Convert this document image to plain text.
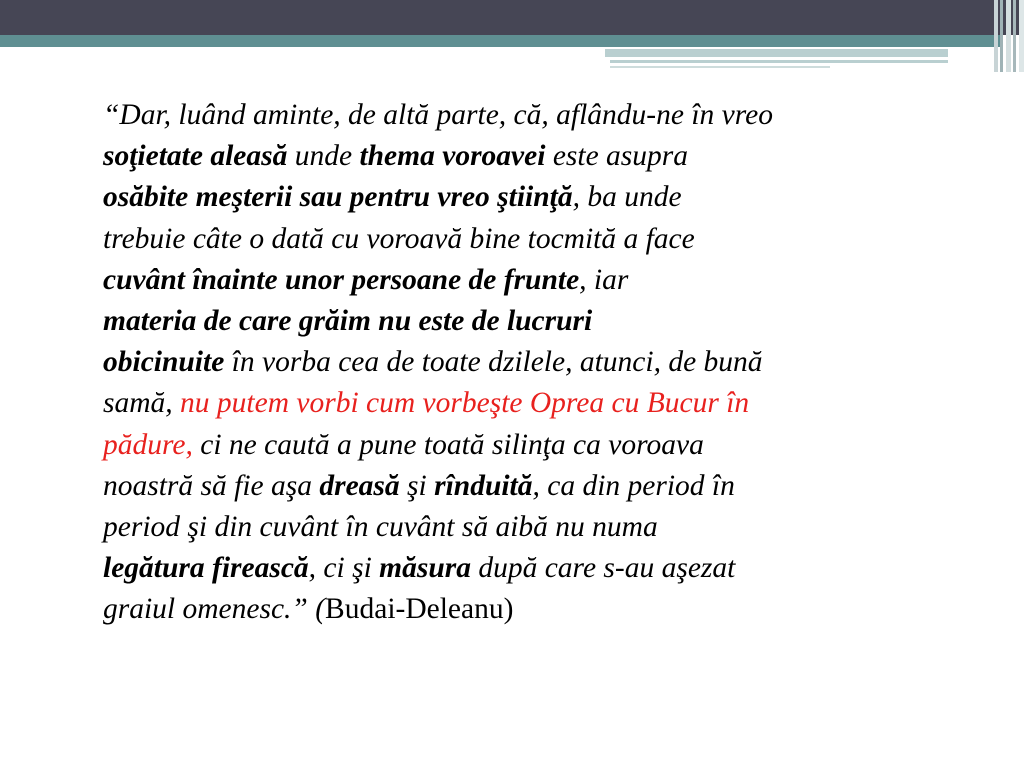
“Dar, luând aminte, de altă parte, că, aflându-ne în vreo
soţietate aleasă unde thema voroavei este asupra
osăbite meşterii sau pentru vreo ştiinţă, ba unde
trebuie câte o dată cu voroavă bine tocmită a face
cuvânt înainte unor persoane de frunte, iar
materia de care grăim nu este de lucruri
obicinuite în vorba cea de toate dzilele, atunci, de bună
samă, nu putem vorbi cum vorbeşte Oprea cu Bucur în
pădure, ci ne caută a pune toată silinţa ca voroava
noastră să fie aşa dreasă şi rînduită, ca din period în
period şi din cuvânt în cuvânt să aibă nu numa
legătura firească, ci şi măsura după care s-au aşezat
graiul omenesc.” (Budai-Deleanu)
